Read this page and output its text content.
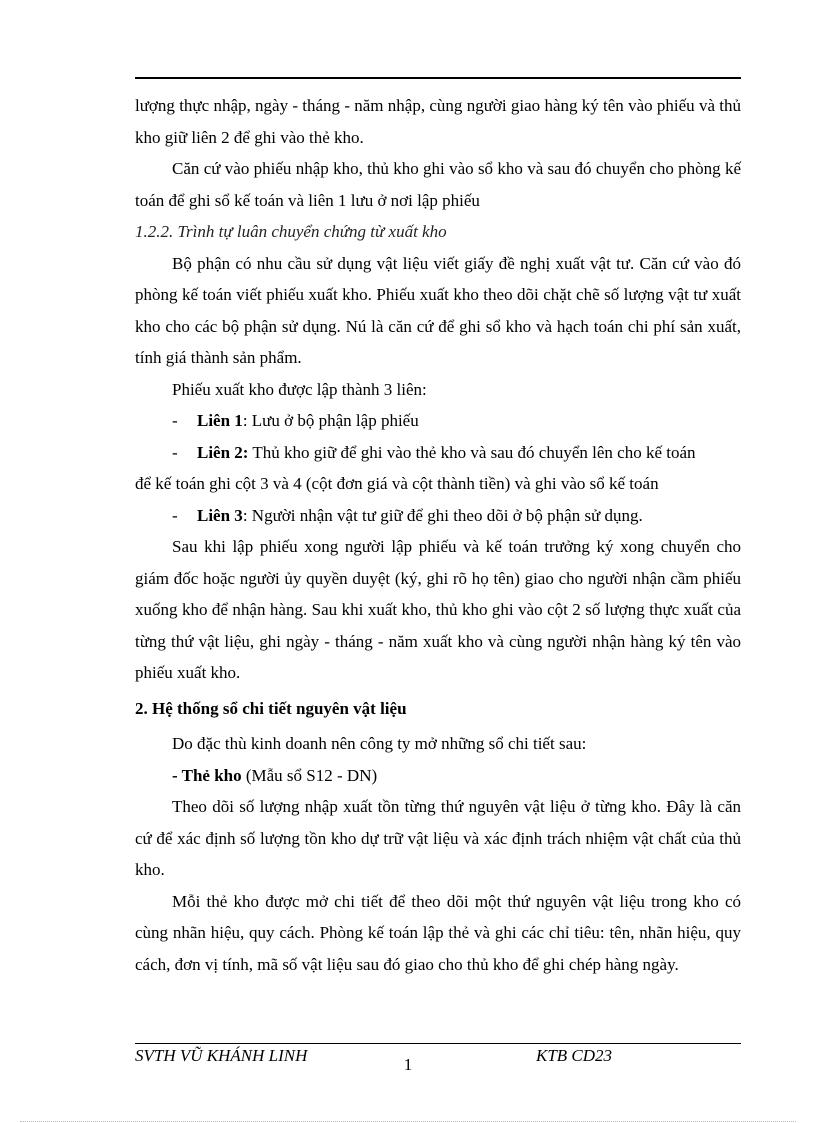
lượng thực nhập, ngày - tháng - năm nhập, cùng người giao hàng ký tên vào phiếu và thủ kho giữ liên 2 để ghi vào thẻ kho.

Căn cứ vào phiếu nhập kho, thủ kho ghi vào sổ kho và sau đó chuyển cho phòng kế toán để ghi sổ kế toán và liên 1 lưu ở nơi lập phiếu

1.2.2. Trình tự luân chuyển chứng từ xuất kho

Bộ phận có nhu cầu sử dụng vật liệu viết giấy đề nghị xuất vật tư. Căn cứ vào đó phòng kế toán viết phiếu xuất kho. Phiếu xuất kho theo dõi chặt chẽ số lượng vật tư xuất kho cho các bộ phận sử dụng. Nú là căn cứ để ghi sổ kho và hạch toán chi phí sản xuất, tính giá thành sản phẩm.

Phiếu xuất kho được lập thành 3 liên:

- Liên 1: Lưu ở bộ phận lập phiếu

- Liên 2: Thủ kho giữ để ghi vào thẻ kho và sau đó chuyển lên cho kế toán

để kế toán ghi cột 3 và 4 (cột đơn giá và cột thành tiền) và ghi vào sổ kế toán

- Liên 3: Người nhận vật tư giữ để ghi theo dõi ở bộ phận sử dụng.

Sau khi lập phiếu xong người lập phiếu và kế toán trưởng ký xong chuyển cho giám đốc hoặc người ủy quyền duyệt (ký, ghi rõ họ tên) giao cho người nhận cầm phiếu xuống kho để nhận hàng. Sau khi xuất kho, thủ kho ghi vào cột 2 số lượng thực xuất của từng thứ vật liệu, ghi ngày - tháng - năm xuất kho và cùng người nhận hàng ký tên vào phiếu xuất kho.

2. Hệ thống sổ chi tiết nguyên vật liệu

Do đặc thù kinh doanh nên công ty mở những sổ chi tiết sau:

- Thẻ kho (Mẫu sổ S12 - DN)

Theo dõi số lượng nhập xuất tồn từng thứ nguyên vật liệu ở từng kho. Đây là căn cứ để xác định số lượng tồn kho dự trữ vật liệu và xác định trách nhiệm vật chất của thủ kho.

Mỗi thẻ kho được mở chi tiết để theo dõi một thứ nguyên vật liệu trong kho có cùng nhãn hiệu, quy cách. Phòng kế toán lập thẻ và ghi các chỉ tiêu: tên, nhãn hiệu, quy cách, đơn vị tính, mã số vật liệu sau đó giao cho thủ kho để ghi chép hàng ngày.

SVTH VŨ KHÁNH LINH	KTB CD23
1
